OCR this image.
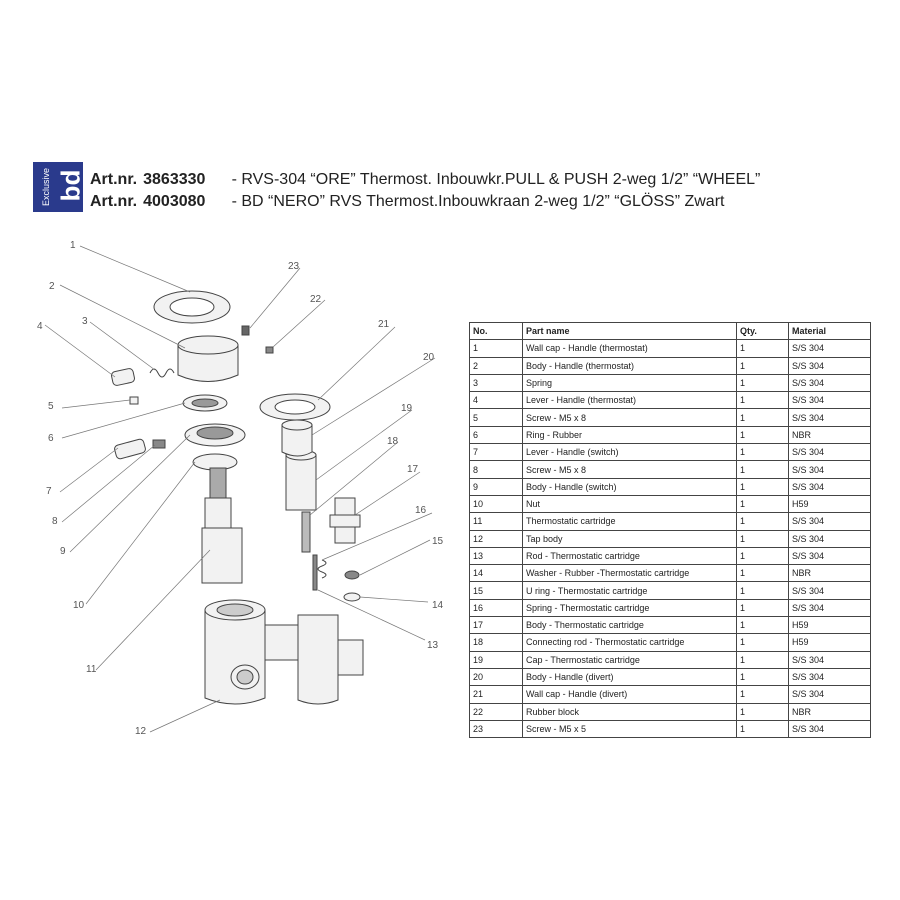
Exclusive bd Art.nr. 3863330 - RVS-304 “ORE” Thermost. Inbouwkr.PULL & PUSH 2-weg 1/2” “WHEEL”
Art.nr. 4003080 - BD “NERO” RVS Thermost.Inbouwkraan 2-weg 1/2” “GLÖSS” Zwart
1
2
3
4
5
6
7
8
9
10
11
12
13
14
15
16
17
18
19
20
21
22
23
No.	Part name	Qty.	Material
1	Wall cap - Handle (thermostat)	1	S/S 304
2	Body - Handle (thermostat)	1	S/S 304
3	Spring	1	S/S 304
4	Lever - Handle (thermostat)	1	S/S 304
5	Screw - M5 x 8	1	S/S 304
6	Ring - Rubber	1	NBR
7	Lever - Handle (switch)	1	S/S 304
8	Screw - M5 x 8	1	S/S 304
9	Body - Handle (switch)	1	S/S 304
10	Nut	1	H59
11	Thermostatic cartridge	1	S/S 304
12	Tap body	1	S/S 304
13	Rod - Thermostatic cartridge	1	S/S 304
14	Washer - Rubber -Thermostatic cartridge	1	NBR
15	U ring - Thermostatic cartridge	1	S/S 304
16	Spring - Thermostatic cartridge	1	S/S 304
17	Body - Thermostatic cartridge	1	H59
18	Connecting rod - Thermostatic cartridge	1	H59
19	Cap - Thermostatic cartridge	1	S/S 304
20	Body - Handle (divert)	1	S/S 304
21	Wall cap - Handle (divert)	1	S/S 304
22	Rubber block	1	NBR
23	Screw - M5 x 5	1	S/S 304
